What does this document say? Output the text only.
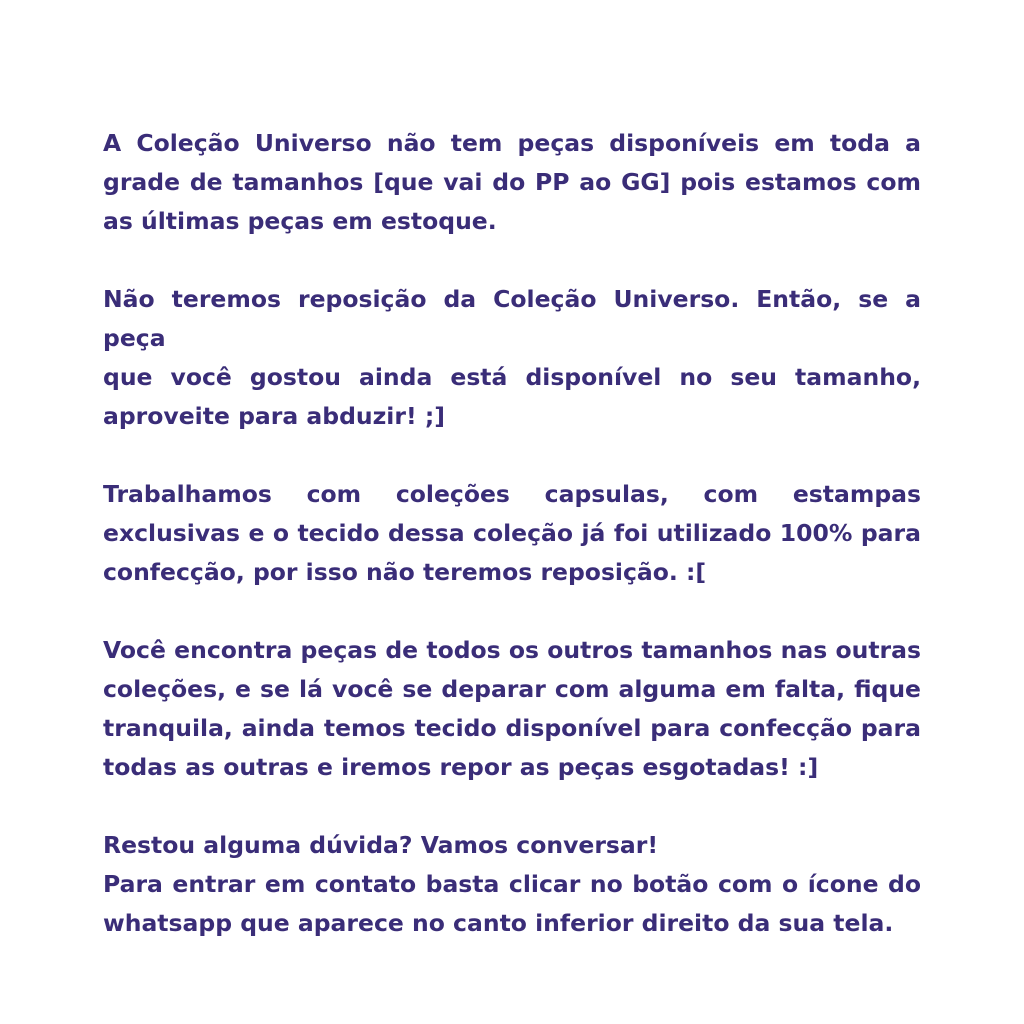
A Coleção Universo não tem peças disponíveis em toda a
grade de tamanhos [que vai do PP ao GG] pois estamos com
as últimas peças em estoque.

Não teremos reposição da Coleção Universo. Então, se a peça
que você gostou ainda está disponível no seu tamanho,
aproveite para abduzir! ;]

Trabalhamos com coleções capsulas, com estampas
exclusivas e o tecido dessa coleção já foi utilizado 100% para
confecção, por isso não teremos reposição. :[

Você encontra peças de todos os outros tamanhos nas outras
coleções, e se lá você se deparar com alguma em falta, fique
tranquila, ainda temos tecido disponível para confecção para
todas as outras e iremos repor as peças esgotadas! :]

Restou alguma dúvida? Vamos conversar!
Para entrar em contato basta clicar no botão com o ícone do
whatsapp que aparece no canto inferior direito da sua tela.
